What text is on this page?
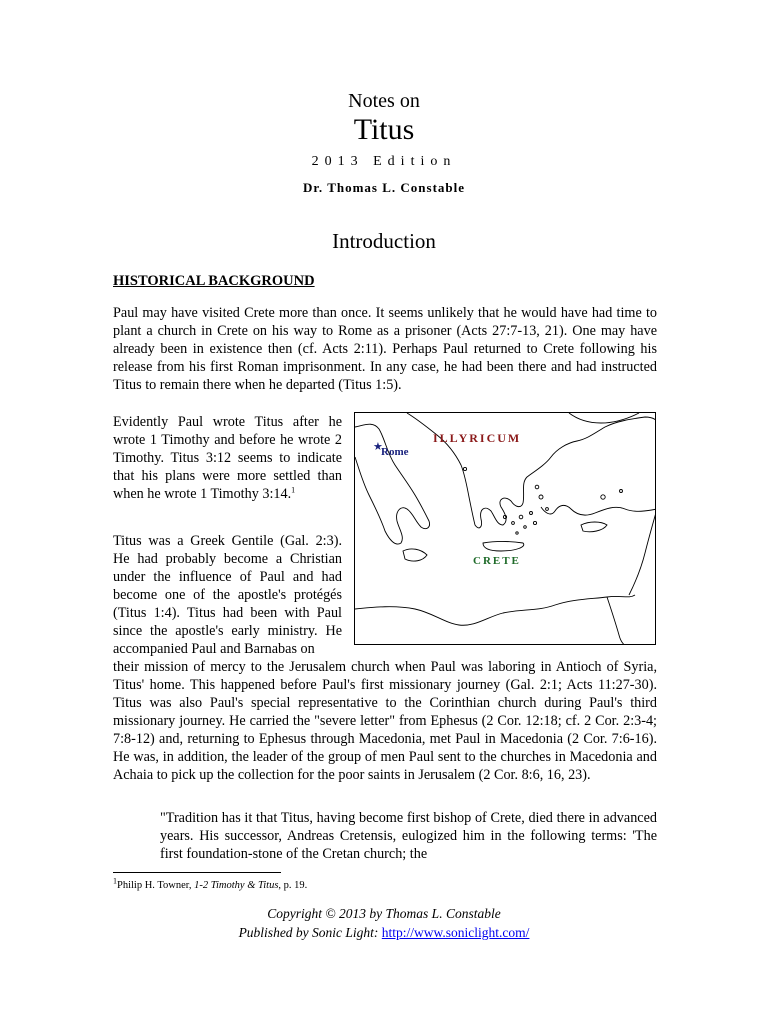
Notes on
Titus
2013 Edition
Dr. Thomas L. Constable
Introduction
HISTORICAL BACKGROUND

Paul may have visited Crete more than once. It seems unlikely that he would have had time to plant a church in Crete on his way to Rome as a prisoner (Acts 27:7-13, 21). One may have already been in existence then (cf. Acts 2:11). Perhaps Paul returned to Crete following his release from his first Roman imprisonment. In any case, he had been there and had instructed Titus to remain there when he departed (Titus 1:5).

Evidently Paul wrote Titus after he wrote 1 Timothy and before he wrote 2 Timothy. Titus 3:12 seems to indicate that his plans were more settled than when he wrote 1 Timothy 3:14.$^1$

Titus was a Greek Gentile (Gal. 2:3). He had probably become a Christian under the influence of Paul and had become one of the apostle's protégés (Titus 1:4). Titus had been with Paul since the apostle's early ministry. He accompanied Paul and Barnabas on

★
Rome
ILLYRICUM
CRETE

their mission of mercy to the Jerusalem church when Paul was laboring in Antioch of Syria, Titus' home. This happened before Paul's first missionary journey (Gal. 2:1; Acts 11:27-30). Titus was also Paul's special representative to the Corinthian church during Paul's third missionary journey. He carried the "severe letter" from Ephesus (2 Cor. 12:18; cf. 2 Cor. 2:3-4; 7:8-12) and, returning to Ephesus through Macedonia, met Paul in Macedonia (2 Cor. 7:6-16). He was, in addition, the leader of the group of men Paul sent to the churches in Macedonia and Achaia to pick up the collection for the poor saints in Jerusalem (2 Cor. 8:6, 16, 23).

"Tradition has it that Titus, having become first bishop of Crete, died there in advanced years. His successor, Andreas Cretensis, eulogized him in the following terms: 'The first foundation-stone of the Cretan church; the

$^1$Philip H. Towner, 1-2 Timothy & Titus, p. 19.
Copyright © 2013 by Thomas L. Constable
Published by Sonic Light: http://www.soniclight.com/
